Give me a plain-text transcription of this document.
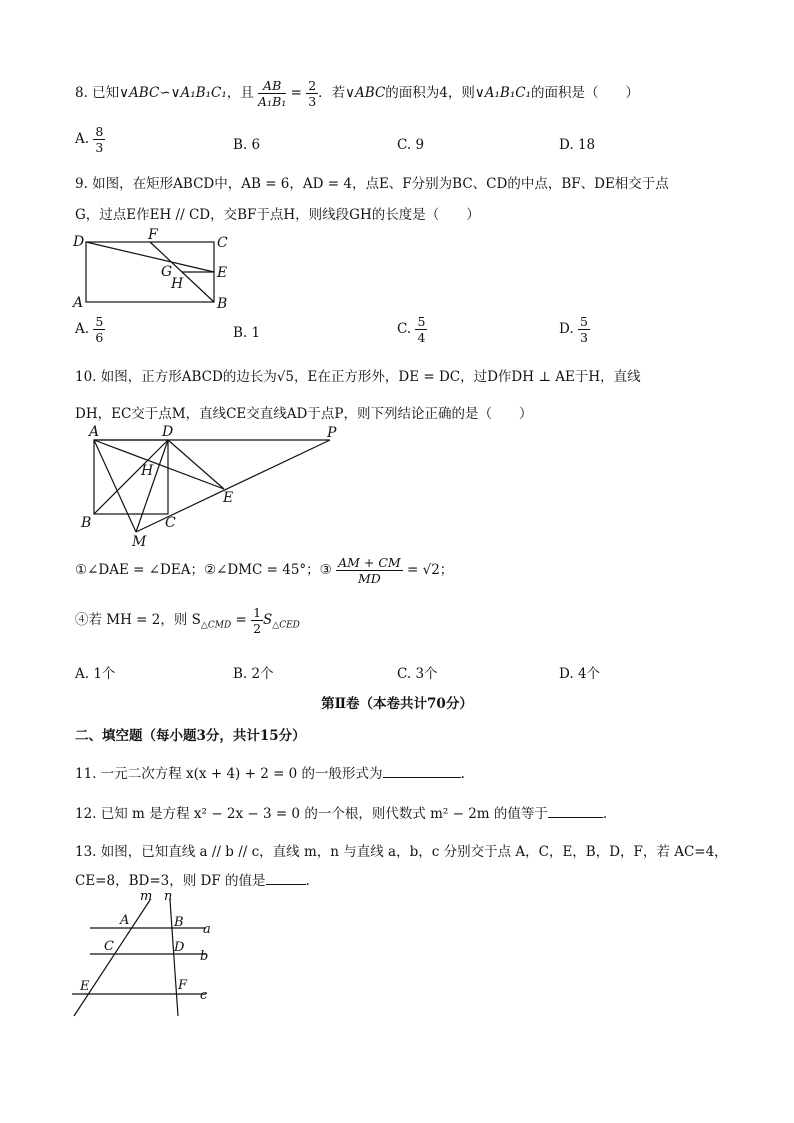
8. 已知∨ABC∽∨A₁B₁C₁，且 $\frac{AB}{\text{A₁B₁}} = \frac{2}{3}$ ．若∨ABC的面积为4，则∨A₁B₁C₁的面积是（　　）
A. $\frac{8}{3}$	B. 6	C. 9	D. 18
9. 如图，在矩形ABCD中，AB = 6，AD = 4，点E、F分别为BC、CD的中点，BF、DE相交于点
G，过点E作EH // CD，交BF于点H，则线段GH的长度是（　　）
D	F	C
G	E
H
A	B
A. $\frac{5}{6}$	B. 1	C. $\frac{5}{4}$	D. $\frac{5}{3}$
10. 如图，正方形ABCD的边长为√5，E在正方形外，DE = DC，过D作DH ⊥ AE于H，直线
DH，EC交于点M，直线CE交直线AD于点P，则下列结论正确的是（　　）
A	D	P
H
E
B	C
M
①∠DAE = ∠DEA；②∠DMC = 45°；③ $\frac{AM + CM}{MD} = √2$；
④若 MH = 2，则 $S_{\triangle CMD} = \frac{1}{2} S_{\triangle CED}$
A. 1个	B. 2个	C. 3个	D. 4个
第Ⅱ卷（本卷共计70分）
二、填空题（每小题3分，共计15分）
11. 一元二次方程 x(x + 4) + 2 = 0 的一般形式为	.
12. 已知 m 是方程 x² − 2x − 3 = 0 的一个根，则代数式 m² − 2m 的值等于	.
13. 如图，已知直线 a // b // c，直线 m，n 与直线 a，b，c 分别交于点 A，C，E，B，D，F，若 AC=4，
CE=8，BD=3，则 DF 的值是	.
m n
A	B a
C	D
b
E	F
c
